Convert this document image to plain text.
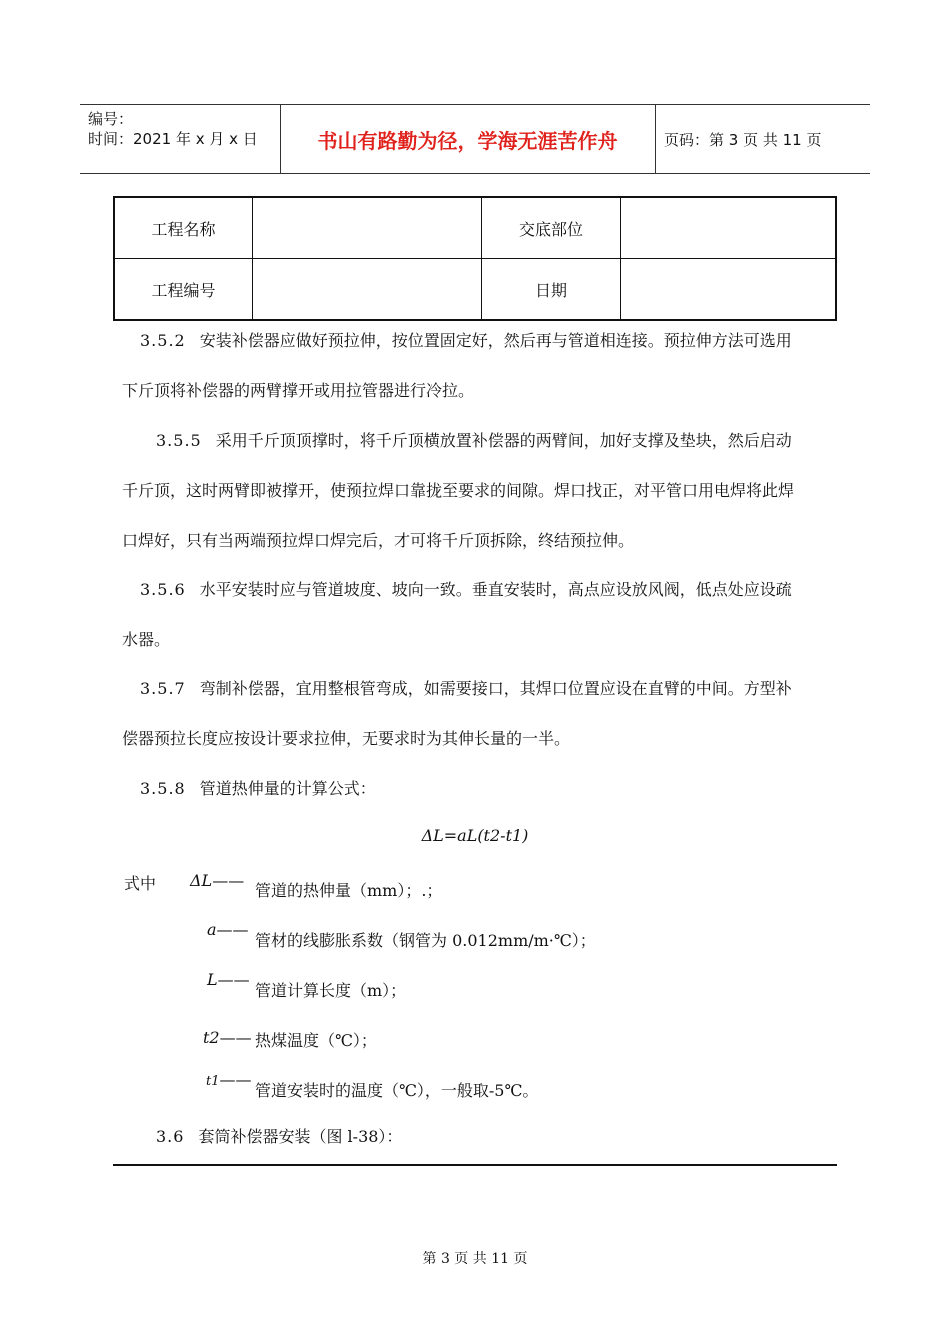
编号：
时间：2021 年 x 月 x 日	书山有路勤为径，学海无涯苦作舟	页码：第 3 页 共 11 页
工程名称		交底部位	
工程编号		日期	
3.5.2 安装补偿器应做好预拉伸，按位置固定好，然后再与管道相连接。预拉伸方法可选用
下斤顶将补偿器的两臂撑开或用拉管器进行冷拉。
3.5.5 采用千斤顶顶撑时，将千斤顶横放置补偿器的两臂间，加好支撑及垫块，然后启动
千斤顶，这时两臂即被撑开，使预拉焊口靠拢至要求的间隙。焊口找正，对平管口用电焊将此焊
口焊好，只有当两端预拉焊口焊完后，才可将千斤顶拆除，终结预拉伸。
3.5.6 水平安装时应与管道坡度、坡向一致。垂直安装时，高点应设放风阀，低点处应设疏
水器。
3.5.7 弯制补偿器，宜用整根管弯成，如需要接口，其焊口位置应设在直臂的中间。方型补
偿器预拉长度应按设计要求拉伸，无要求时为其伸长量的一半。
3.5.8 管道热伸量的计算公式：
ΔL=aL(t2-t1)
式中 ΔL——
管道的热伸量（mm）；.；
a——
管材的线膨胀系数（钢管为 0.012mm/m·℃）；
L——
管道计算长度（m）；
t2—— 热煤温度（℃）；
t1——
管道安装时的温度（℃），一般取-5℃。
3.6 套筒补偿器安装（图 l-38）：
第 3 页 共 11 页
